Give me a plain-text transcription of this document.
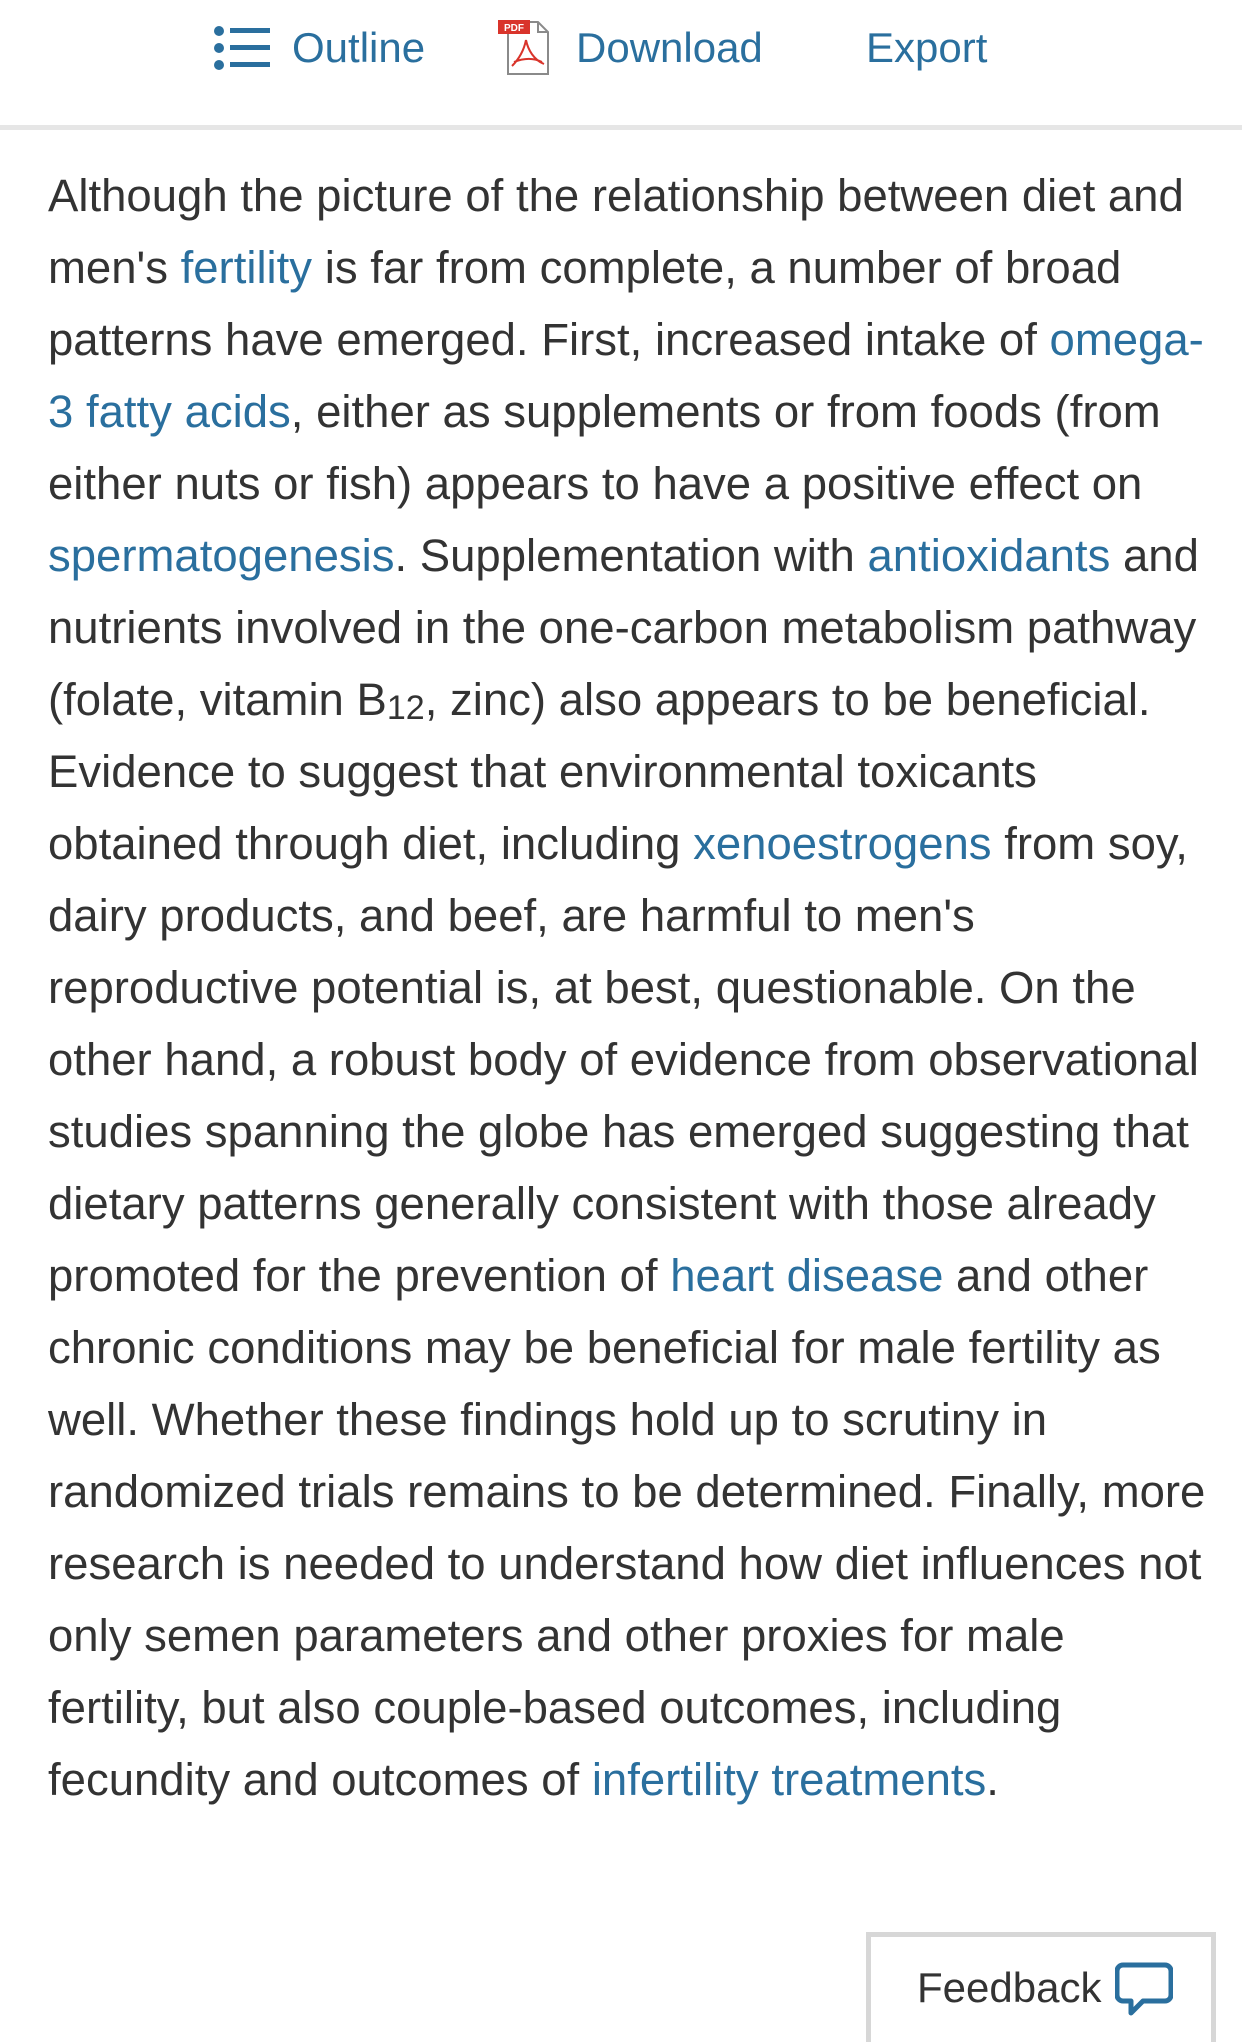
Outline	PDF Download Export

Although the picture of the relationship between diet and men's fertility is far from complete, a number of broad patterns have emerged. First, increased intake of omega-3 fatty acids, either as supplements or from foods (from either nuts or fish) appears to have a positive effect on spermatogenesis. Supplementation with antioxidants and nutrients involved in the one-carbon metabolism pathway (folate, vitamin $B_{12}$, zinc) also appears to be beneficial. Evidence to suggest that environmental toxicants obtained through diet, including xenoestrogens from soy, dairy products, and beef, are harmful to men's reproductive potential is, at best, questionable. On the other hand, a robust body of evidence from observational studies spanning the globe has emerged suggesting that dietary patterns generally consistent with those already promoted for the prevention of heart disease and other chronic conditions may be beneficial for male fertility as well. Whether these findings hold up to scrutiny in randomized trials remains to be determined. Finally, more research is needed to understand how diet influences not only semen parameters and other proxies for male fertility, but also couple-based outcomes, including fecundity and outcomes of infertility treatments.

Feedback
